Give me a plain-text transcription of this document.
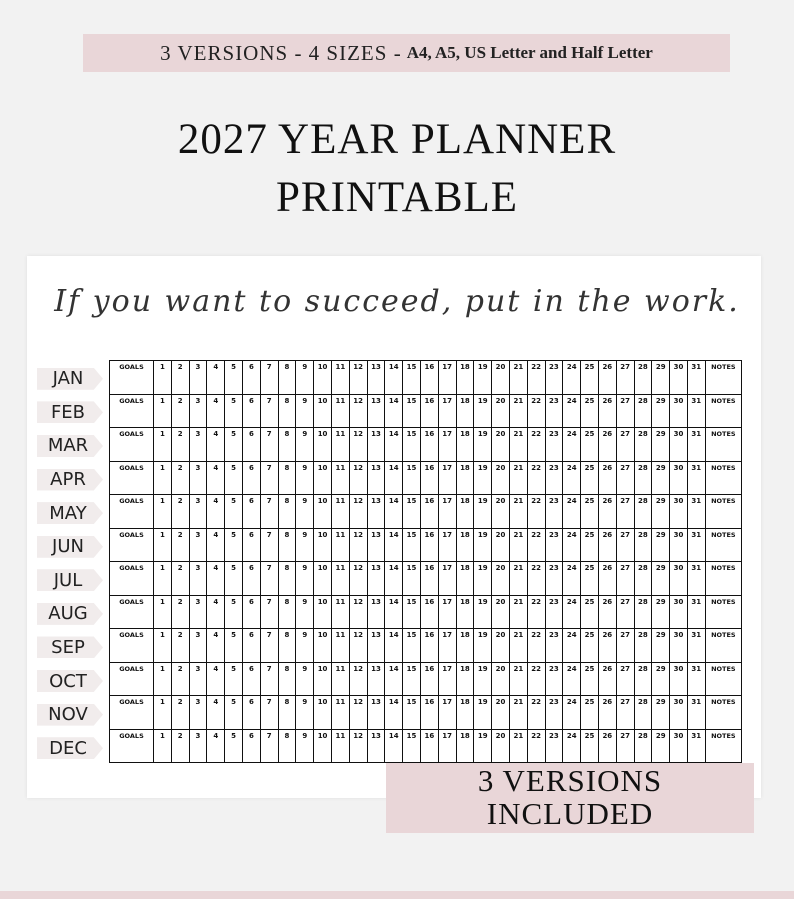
3 VERSIONS - 4 SIZES - A4, A5, US Letter and Half Letter
2027 YEAR PLANNER
PRINTABLE
If you want to succeed, put in the work.
JAN
FEB
MAR
APR
MAY
JUN
JUL
AUG
SEP
OCT
NOV
DEC
GOALS	1	2	3	4	5	6	7	8	9	10	11	12	13	14	15	16	17	18	19	20	21	22	23	24	25	26	27	28	29	30	31	NOTES
GOALS	1	2	3	4	5	6	7	8	9	10	11	12	13	14	15	16	17	18	19	20	21	22	23	24	25	26	27	28	29	30	31	NOTES
GOALS	1	2	3	4	5	6	7	8	9	10	11	12	13	14	15	16	17	18	19	20	21	22	23	24	25	26	27	28	29	30	31	NOTES
GOALS	1	2	3	4	5	6	7	8	9	10	11	12	13	14	15	16	17	18	19	20	21	22	23	24	25	26	27	28	29	30	31	NOTES
GOALS	1	2	3	4	5	6	7	8	9	10	11	12	13	14	15	16	17	18	19	20	21	22	23	24	25	26	27	28	29	30	31	NOTES
GOALS	1	2	3	4	5	6	7	8	9	10	11	12	13	14	15	16	17	18	19	20	21	22	23	24	25	26	27	28	29	30	31	NOTES
GOALS	1	2	3	4	5	6	7	8	9	10	11	12	13	14	15	16	17	18	19	20	21	22	23	24	25	26	27	28	29	30	31	NOTES
GOALS	1	2	3	4	5	6	7	8	9	10	11	12	13	14	15	16	17	18	19	20	21	22	23	24	25	26	27	28	29	30	31	NOTES
GOALS	1	2	3	4	5	6	7	8	9	10	11	12	13	14	15	16	17	18	19	20	21	22	23	24	25	26	27	28	29	30	31	NOTES
GOALS	1	2	3	4	5	6	7	8	9	10	11	12	13	14	15	16	17	18	19	20	21	22	23	24	25	26	27	28	29	30	31	NOTES
GOALS	1	2	3	4	5	6	7	8	9	10	11	12	13	14	15	16	17	18	19	20	21	22	23	24	25	26	27	28	29	30	31	NOTES
GOALS	1	2	3	4	5	6	7	8	9	10	11	12	13	14	15	16	17	18	19	20	21	22	23	24	25	26	27	28	29	30	31	NOTES
3 VERSIONS
INCLUDED
